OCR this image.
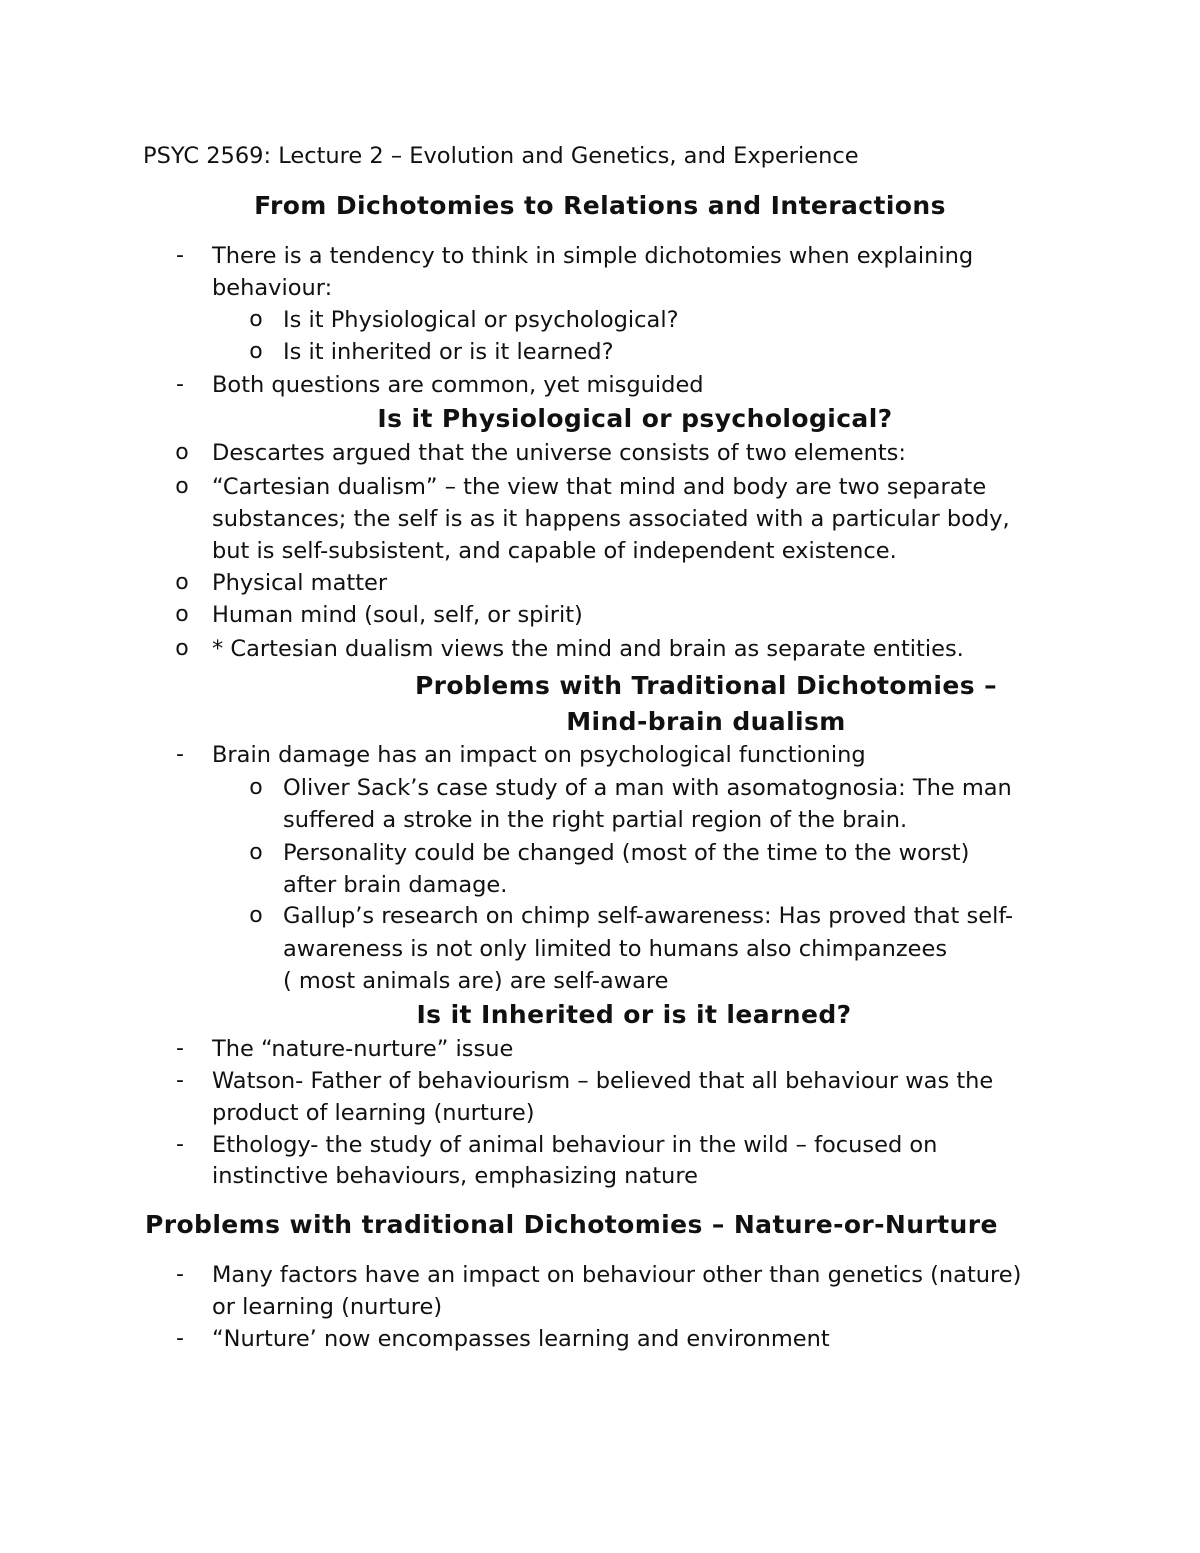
PSYC 2569: Lecture 2 – Evolution and Genetics, and Experience
From Dichotomies to Relations and Interactions
-	There is a tendency to think in simple dichotomies when explaining
behaviour:
o Is it Physiological or psychological?
o Is it inherited or is it learned?
-	Both questions are common, yet misguided
Is it Physiological or psychological?
o Descartes argued that the universe consists of two elements:
o “Cartesian dualism” – the view that mind and body are two separate
substances; the self is as it happens associated with a particular body,
but is self-subsistent, and capable of independent existence.
o Physical matter
o Human mind (soul, self, or spirit)
o * Cartesian dualism views the mind and brain as separate entities.
Problems with Traditional Dichotomies –
Mind-brain dualism
-	Brain damage has an impact on psychological functioning
o Oliver Sack’s case study of a man with asomatognosia: The man
suffered a stroke in the right partial region of the brain.
o Personality could be changed (most of the time to the worst)
after brain damage.
o Gallup’s research on chimp self-awareness: Has proved that self-
awareness is not only limited to humans also chimpanzees
( most animals are) are self-aware
Is it Inherited or is it learned?
-	The “nature-nurture” issue
-	Watson- Father of behaviourism – believed that all behaviour was the
product of learning (nurture)
-	Ethology- the study of animal behaviour in the wild – focused on
instinctive behaviours, emphasizing nature
Problems with traditional Dichotomies – Nature-or-Nurture
-	Many factors have an impact on behaviour other than genetics (nature)
or learning (nurture)
-	“Nurture’ now encompasses learning and environment
